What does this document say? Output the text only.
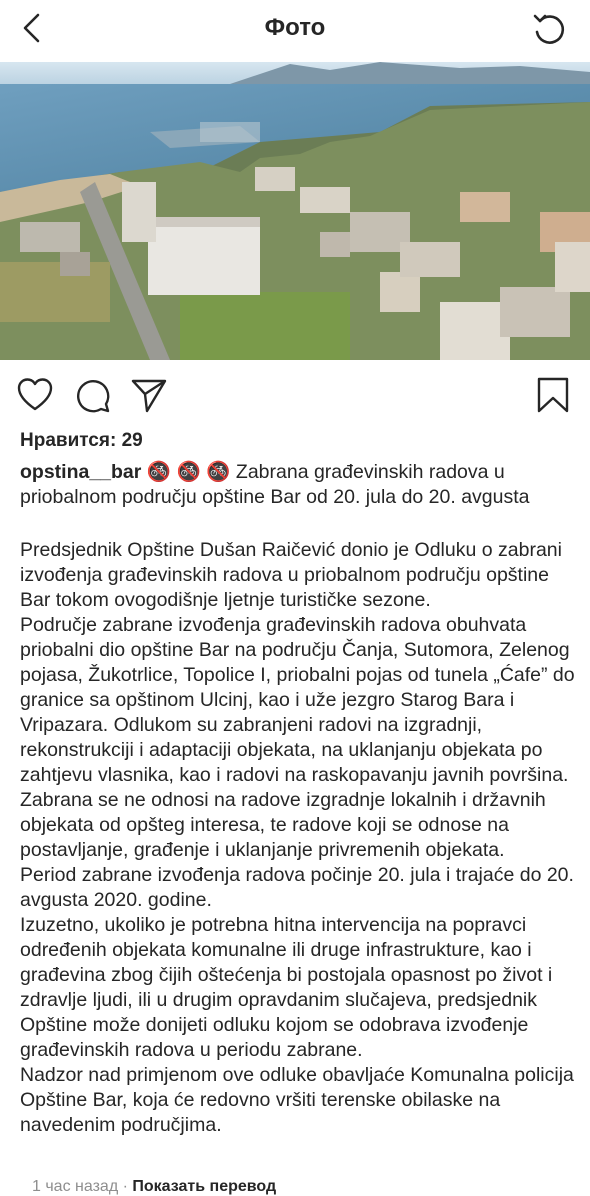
Фото
Нравится: 29

opstina__bar 🚳 🚳 🚳 Zabrana građevinskih radova u priobalnom području opštine Bar od 20. jula do 20. avgusta

Predsjednik Opštine Dušan Raičević donio je Odluku o zabrani izvođenja građevinskih radova u priobalnom području opštine Bar tokom ovogodišnje ljetnje turističke sezone.

Područje zabrane izvođenja građevinskih radova obuhvata priobalni dio opštine Bar na području Čanja, Sutomora, Zelenog pojasa, Žukotrlice, Topolice I, priobalni pojas od tunela „Ćafe” do granice sa opštinom Ulcinj, kao i uže jezgro Starog Bara i Vripazara. Odlukom su zabranjeni radovi na izgradnji, rekonstrukciji i adaptaciji objekata, na uklanjanju objekata po zahtjevu vlasnika, kao i radovi na raskopavanju javnih površina.

Zabrana se ne odnosi na radove izgradnje lokalnih i državnih objekata od opšteg interesa, te radove koji se odnose na postavljanje, građenje i uklanjanje privremenih objekata.

Period zabrane izvođenja radova počinje 20. jula i trajaće do 20. avgusta 2020. godine.

Izuzetno, ukoliko je potrebna hitna intervencija na popravci određenih objekata komunalne ili druge infrastrukture, kao i građevina zbog čijih oštećenja bi postojala opasnost po život i zdravlje ljudi, ili u drugim opravdanim slučajeva, predsjednik Opštine može donijeti odluku kojom se odobrava izvođenje građevinskih radova u periodu zabrane.

Nadzor nad primjenom ove odluke obavljaće Komunalna policija Opštine Bar, koja će redovno vršiti terenske obilaske na navedenim područjima.

1 час назад · Показать перевод
